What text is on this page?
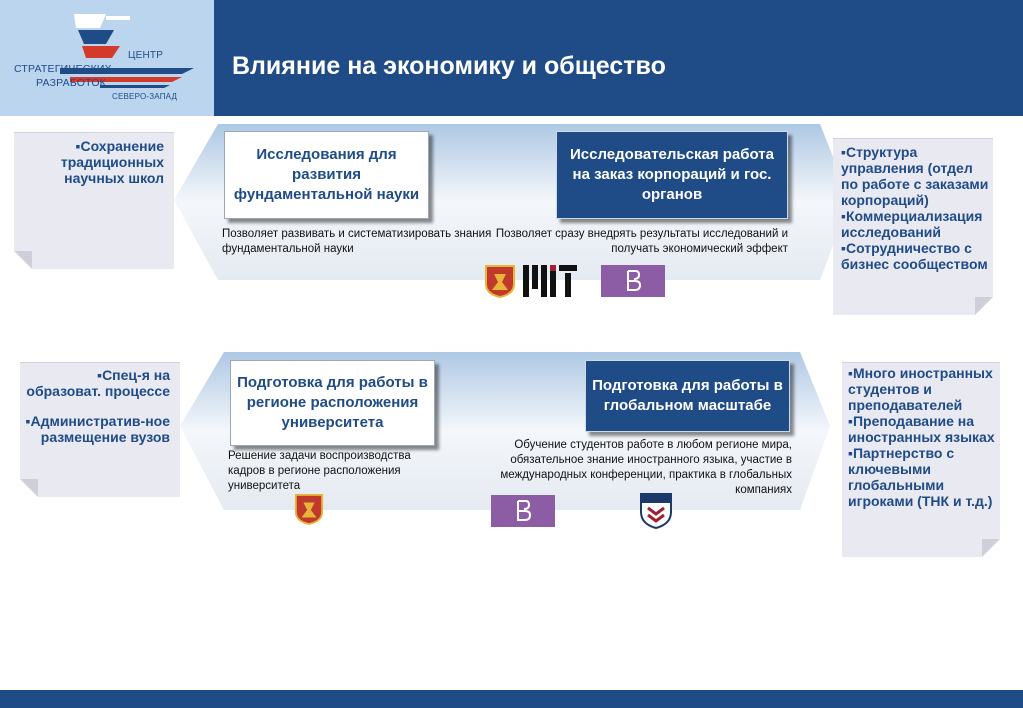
ЦЕНТР
СТРАТЕГИЧЕСКИХ
РАЗРАБОТОК
СЕВЕРО-ЗАПАД
Влияние на экономику и общество
▪Сохранение традиционных научных школ
Исследования для развития фундаментальной науки
Исследовательская работа на заказ корпораций и гос. органов
Позволяет развивать и систематизировать знания фундаментальной науки
Позволяет сразу внедрять результаты исследований и получать экономический эффект
▪Структура управления (отдел по работе с заказами корпораций)
▪Коммерциализация исследований
▪Сотрудничество с бизнес сообществом
▪Спец-я на образоват. процессе
▪Административ-ное размещение вузов
Подготовка для работы в регионе расположения университета
Подготовка для работы в глобальном масштабе
Решение задачи воспроизводства кадров в регионе расположения университета
Обучение студентов работе в любом регионе мира, обязательное знание иностранного языка, участие в международных конференции, практика в глобальных компаниях
▪Много иностранных студентов и преподавателей
▪Преподавание на иностранных языках
▪Партнерство с ключевыми глобальными игроками (ТНК и т.д.)
